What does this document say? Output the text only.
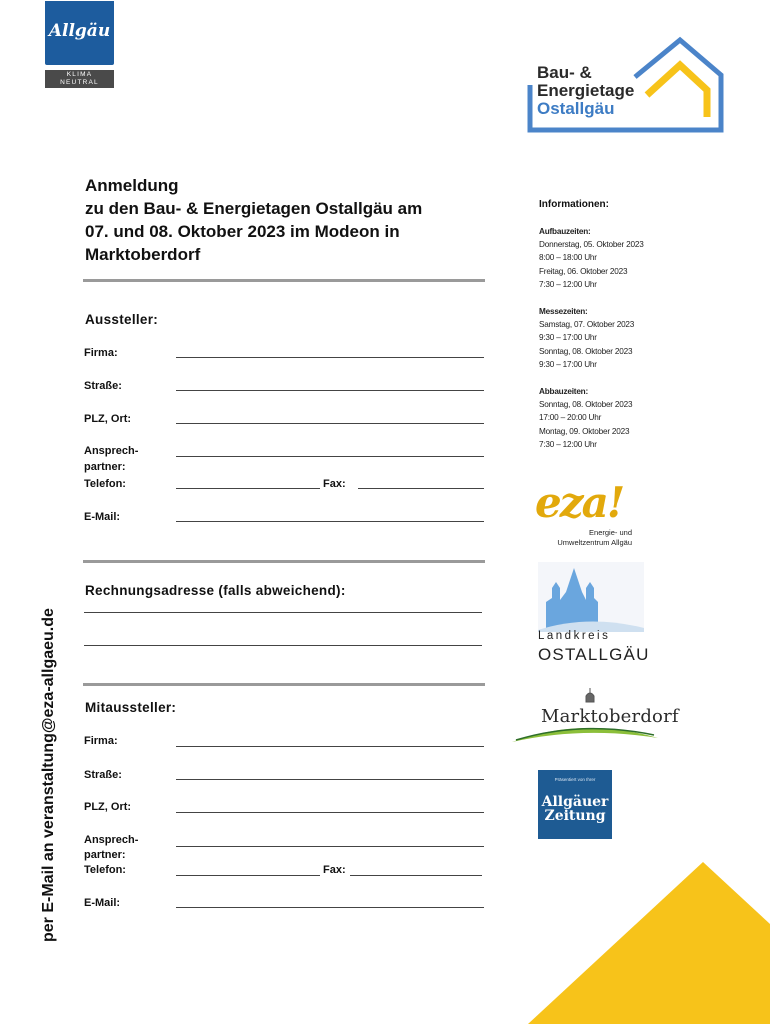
Allgäu
KLIMA
NEUTRAL
Bau- &
Energietage
Ostallgäu
Anmeldung
zu den Bau- & Energietagen Ostallgäu am
07. und 08. Oktober 2023 im Modeon in
Marktoberdorf
Aussteller:
Firma:
Straße:
PLZ, Ort:
Ansprech-
partner:
Telefon:	Fax:
E-Mail:
Rechnungsadresse (falls abweichend):
Mitaussteller:
Firma:
Straße:
PLZ, Ort:
Ansprech-
partner:
Telefon:	Fax:
E-Mail:
per E-Mail an veranstaltung@eza-allgaeu.de
Informationen:
Aufbauzeiten:
Donnerstag, 05. Oktober 2023
8:00 – 18:00 Uhr
Freitag, 06. Oktober 2023
7:30 – 12:00 Uhr
Messezeiten:
Samstag, 07. Oktober 2023
9:30 – 17:00 Uhr
Sonntag, 08. Oktober 2023
9:30 – 17:00 Uhr
Abbauzeiten:
Sonntag, 08. Oktober 2023
17:00 – 20:00 Uhr
Montag, 09. Oktober 2023
7:30 – 12:00 Uhr
eza!
Energie- und
Umweltzentrum Allgäu
Landkreis
OSTALLGÄU
Marktoberdorf
Präsentiert von Ihrer
Allgäuer
Zeitung
